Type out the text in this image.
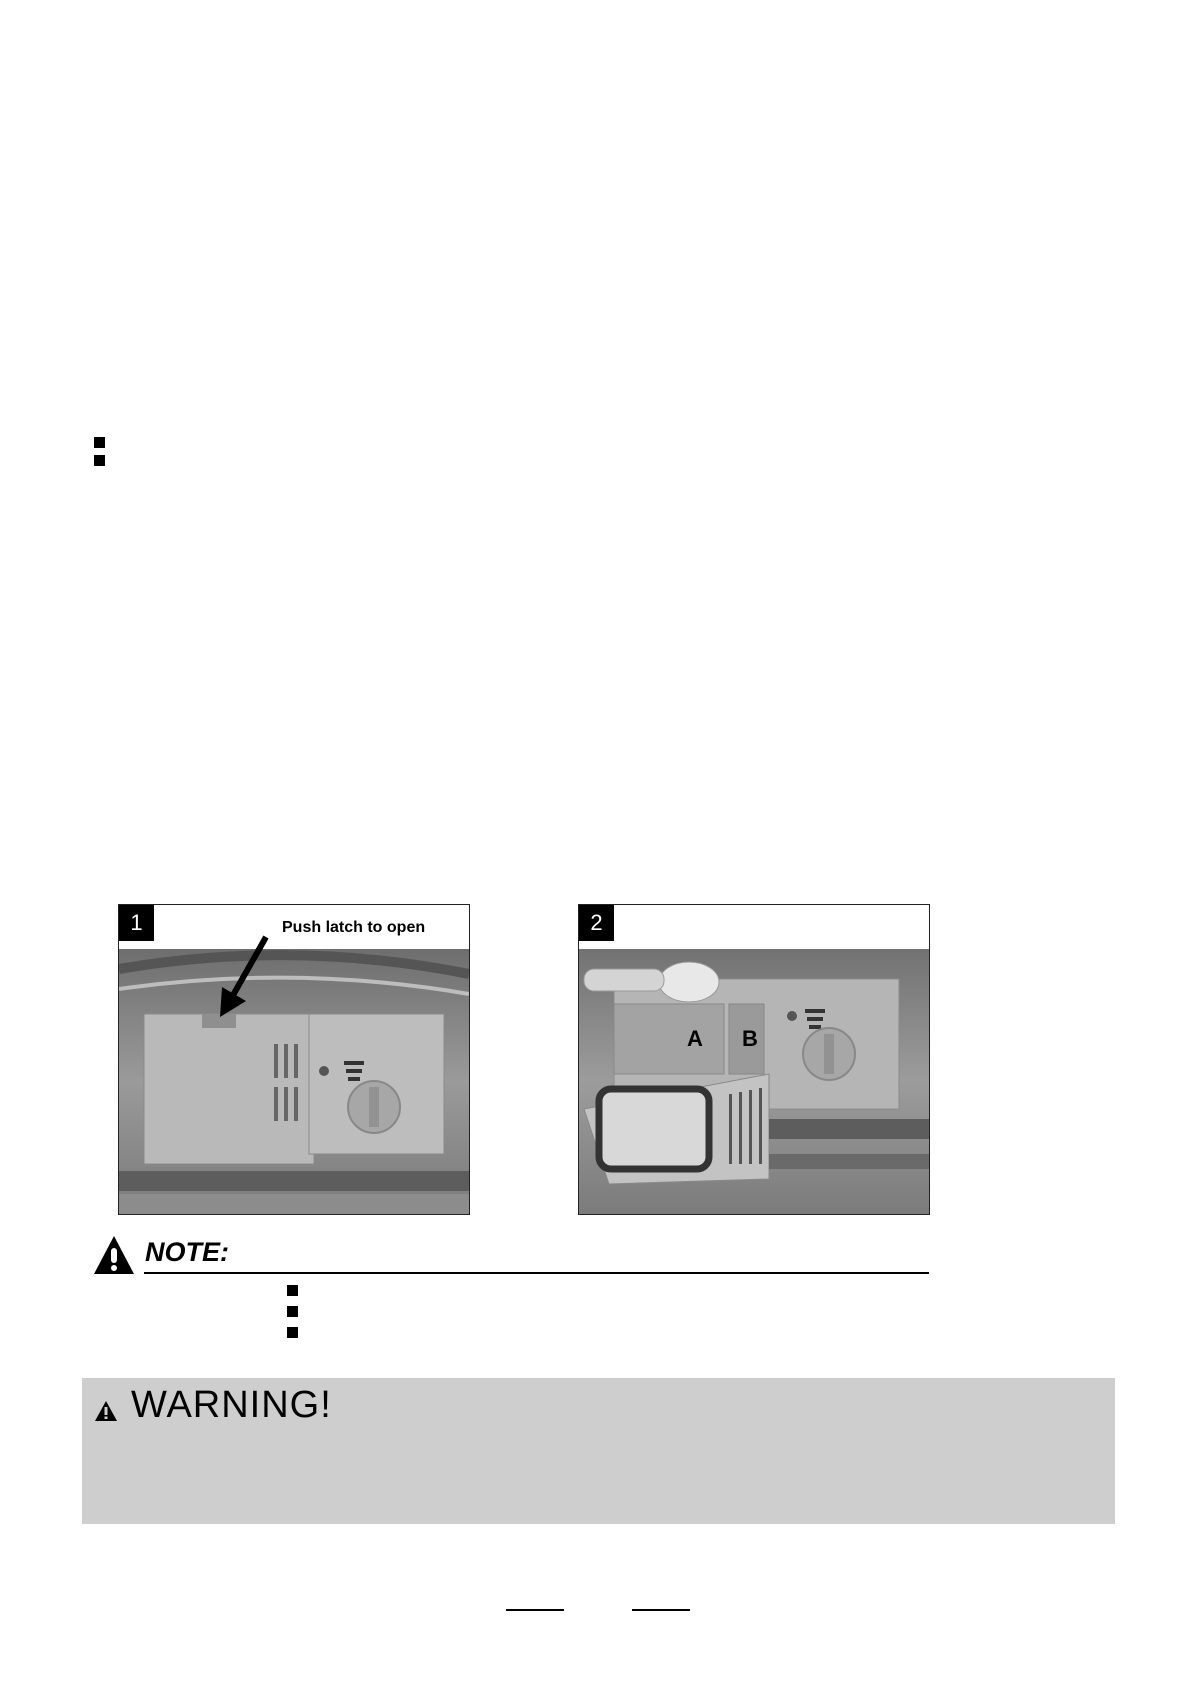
1	Push latch to open	2
A B
NOTE:
WARNING!
